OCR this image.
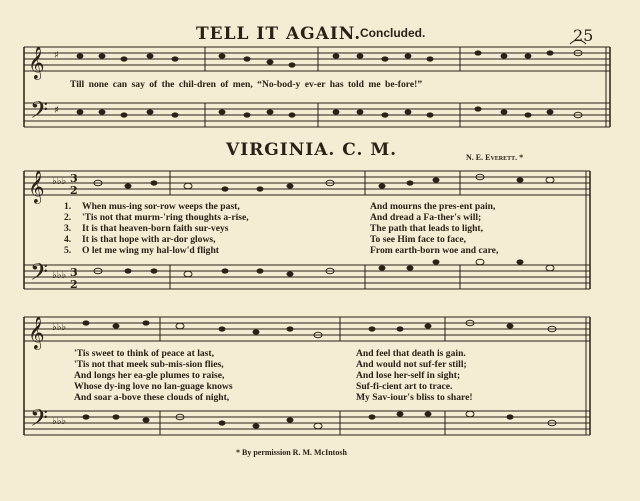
𝄞
𝄢
♯
♯
𝄞
𝄢
♭♭♭
♭♭♭
3
2
3
2
𝄞
𝄢
♭♭♭
♭♭♭
TELL IT AGAIN.
Concluded.	25
Till none can say of the chil-dren of men, “No-bod-y ev-er has told me be-fore!”
VIRGINIA. C. M.	N. E. Everett. *
1.
2.
3.
4.
5.
When mus-ing sor-row weeps the past,
'Tis not that murm-'ring thoughts a-rise,
It is that heaven-born faith sur-veys
It is that hope with ar-dor glows,
O let me wing my hal-low'd flight
And mourns the pres-ent pain,
And dread a Fa-ther's will;
The path that leads to light,
To see Him face to face,
From earth-born woe and care,
'Tis sweet to think of peace at last,
'Tis not that meek sub-mis-sion flies,
And longs her ea-gle plumes to raise,
Whose dy-ing love no lan-guage knows
And soar a-bove these clouds of night,
And feel that death is gain.
And would not suf-fer still;
And lose her-self in sight;
Suf-fi-cient art to trace.
My Sav-iour's bliss to share!
* By permission R. M. McIntosh
